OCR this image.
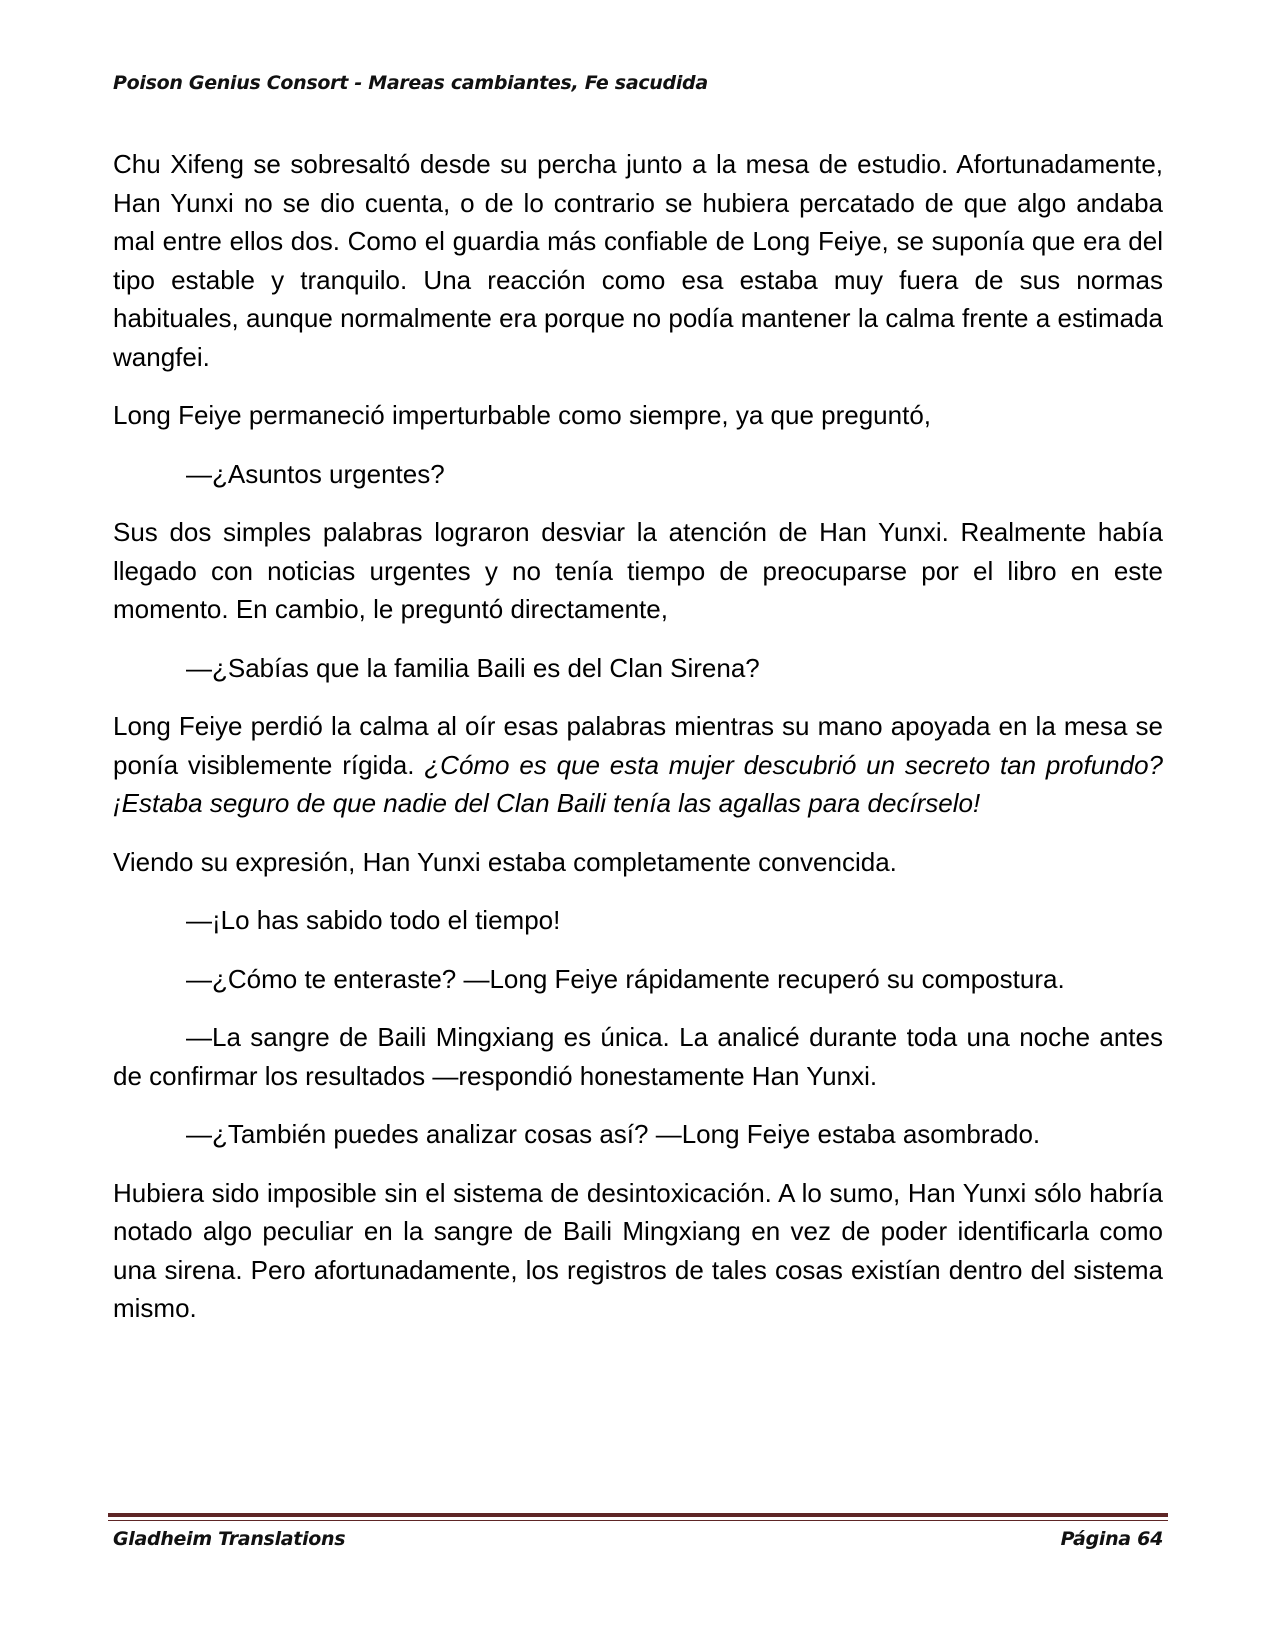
Poison Genius Consort - Mareas cambiantes, Fe sacudida

Chu Xifeng se sobresaltó desde su percha junto a la mesa de estudio. Afortunadamente, Han Yunxi no se dio cuenta, o de lo contrario se hubiera percatado de que algo andaba mal entre ellos dos. Como el guardia más confiable de Long Feiye, se suponía que era del tipo estable y tranquilo. Una reacción como esa estaba muy fuera de sus normas habituales, aunque normalmente era porque no podía mantener la calma frente a estimada wangfei.

Long Feiye permaneció imperturbable como siempre, ya que preguntó,

—¿Asuntos urgentes?

Sus dos simples palabras lograron desviar la atención de Han Yunxi. Realmente había llegado con noticias urgentes y no tenía tiempo de preocuparse por el libro en este momento. En cambio, le preguntó directamente,

—¿Sabías que la familia Baili es del Clan Sirena?

Long Feiye perdió la calma al oír esas palabras mientras su mano apoyada en la mesa se ponía visiblemente rígida. ¿Cómo es que esta mujer descubrió un secreto tan profundo? ¡Estaba seguro de que nadie del Clan Baili tenía las agallas para decírselo!

Viendo su expresión, Han Yunxi estaba completamente convencida.

—¡Lo has sabido todo el tiempo!

—¿Cómo te enteraste? —Long Feiye rápidamente recuperó su compostura.

—La sangre de Baili Mingxiang es única. La analicé durante toda una noche antes de confirmar los resultados —respondió honestamente Han Yunxi.

—¿También puedes analizar cosas así? —Long Feiye estaba asombrado.

Hubiera sido imposible sin el sistema de desintoxicación. A lo sumo, Han Yunxi sólo habría notado algo peculiar en la sangre de Baili Mingxiang en vez de poder identificarla como una sirena. Pero afortunadamente, los registros de tales cosas existían dentro del sistema mismo.

Gladheim Translations	Página 64
